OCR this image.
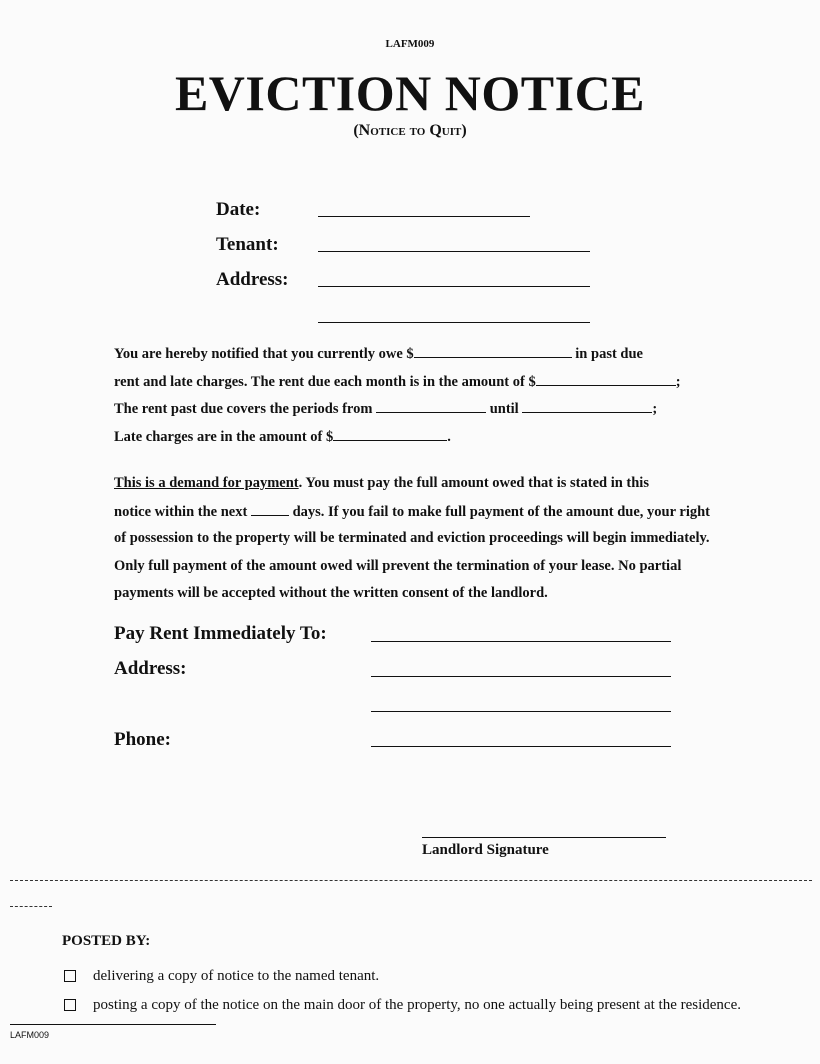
LAFM009
EVICTION NOTICE
(Notice to Quit)
Date:
Tenant:
Address:
You are hereby notified that you currently owe $	in past due
rent and late charges. The rent due each month is in the amount of $	;
The rent past due covers the periods from	until	;
Late charges are in the amount of $	.
This is a demand for payment. You must pay the full amount owed that is stated in this
notice within the next	days. If you fail to make full payment of the amount due, your right
of possession to the property will be terminated and eviction proceedings will begin immediately.
Only full payment of the amount owed will prevent the termination of your lease. No partial
payments will be accepted without the written consent of the landlord.
Pay Rent Immediately To:
Address:
Phone:
Landlord Signature
POSTED BY:
delivering a copy of notice to the named tenant.
posting a copy of the notice on the main door of the property, no one actually being present at the residence.
LAFM009
